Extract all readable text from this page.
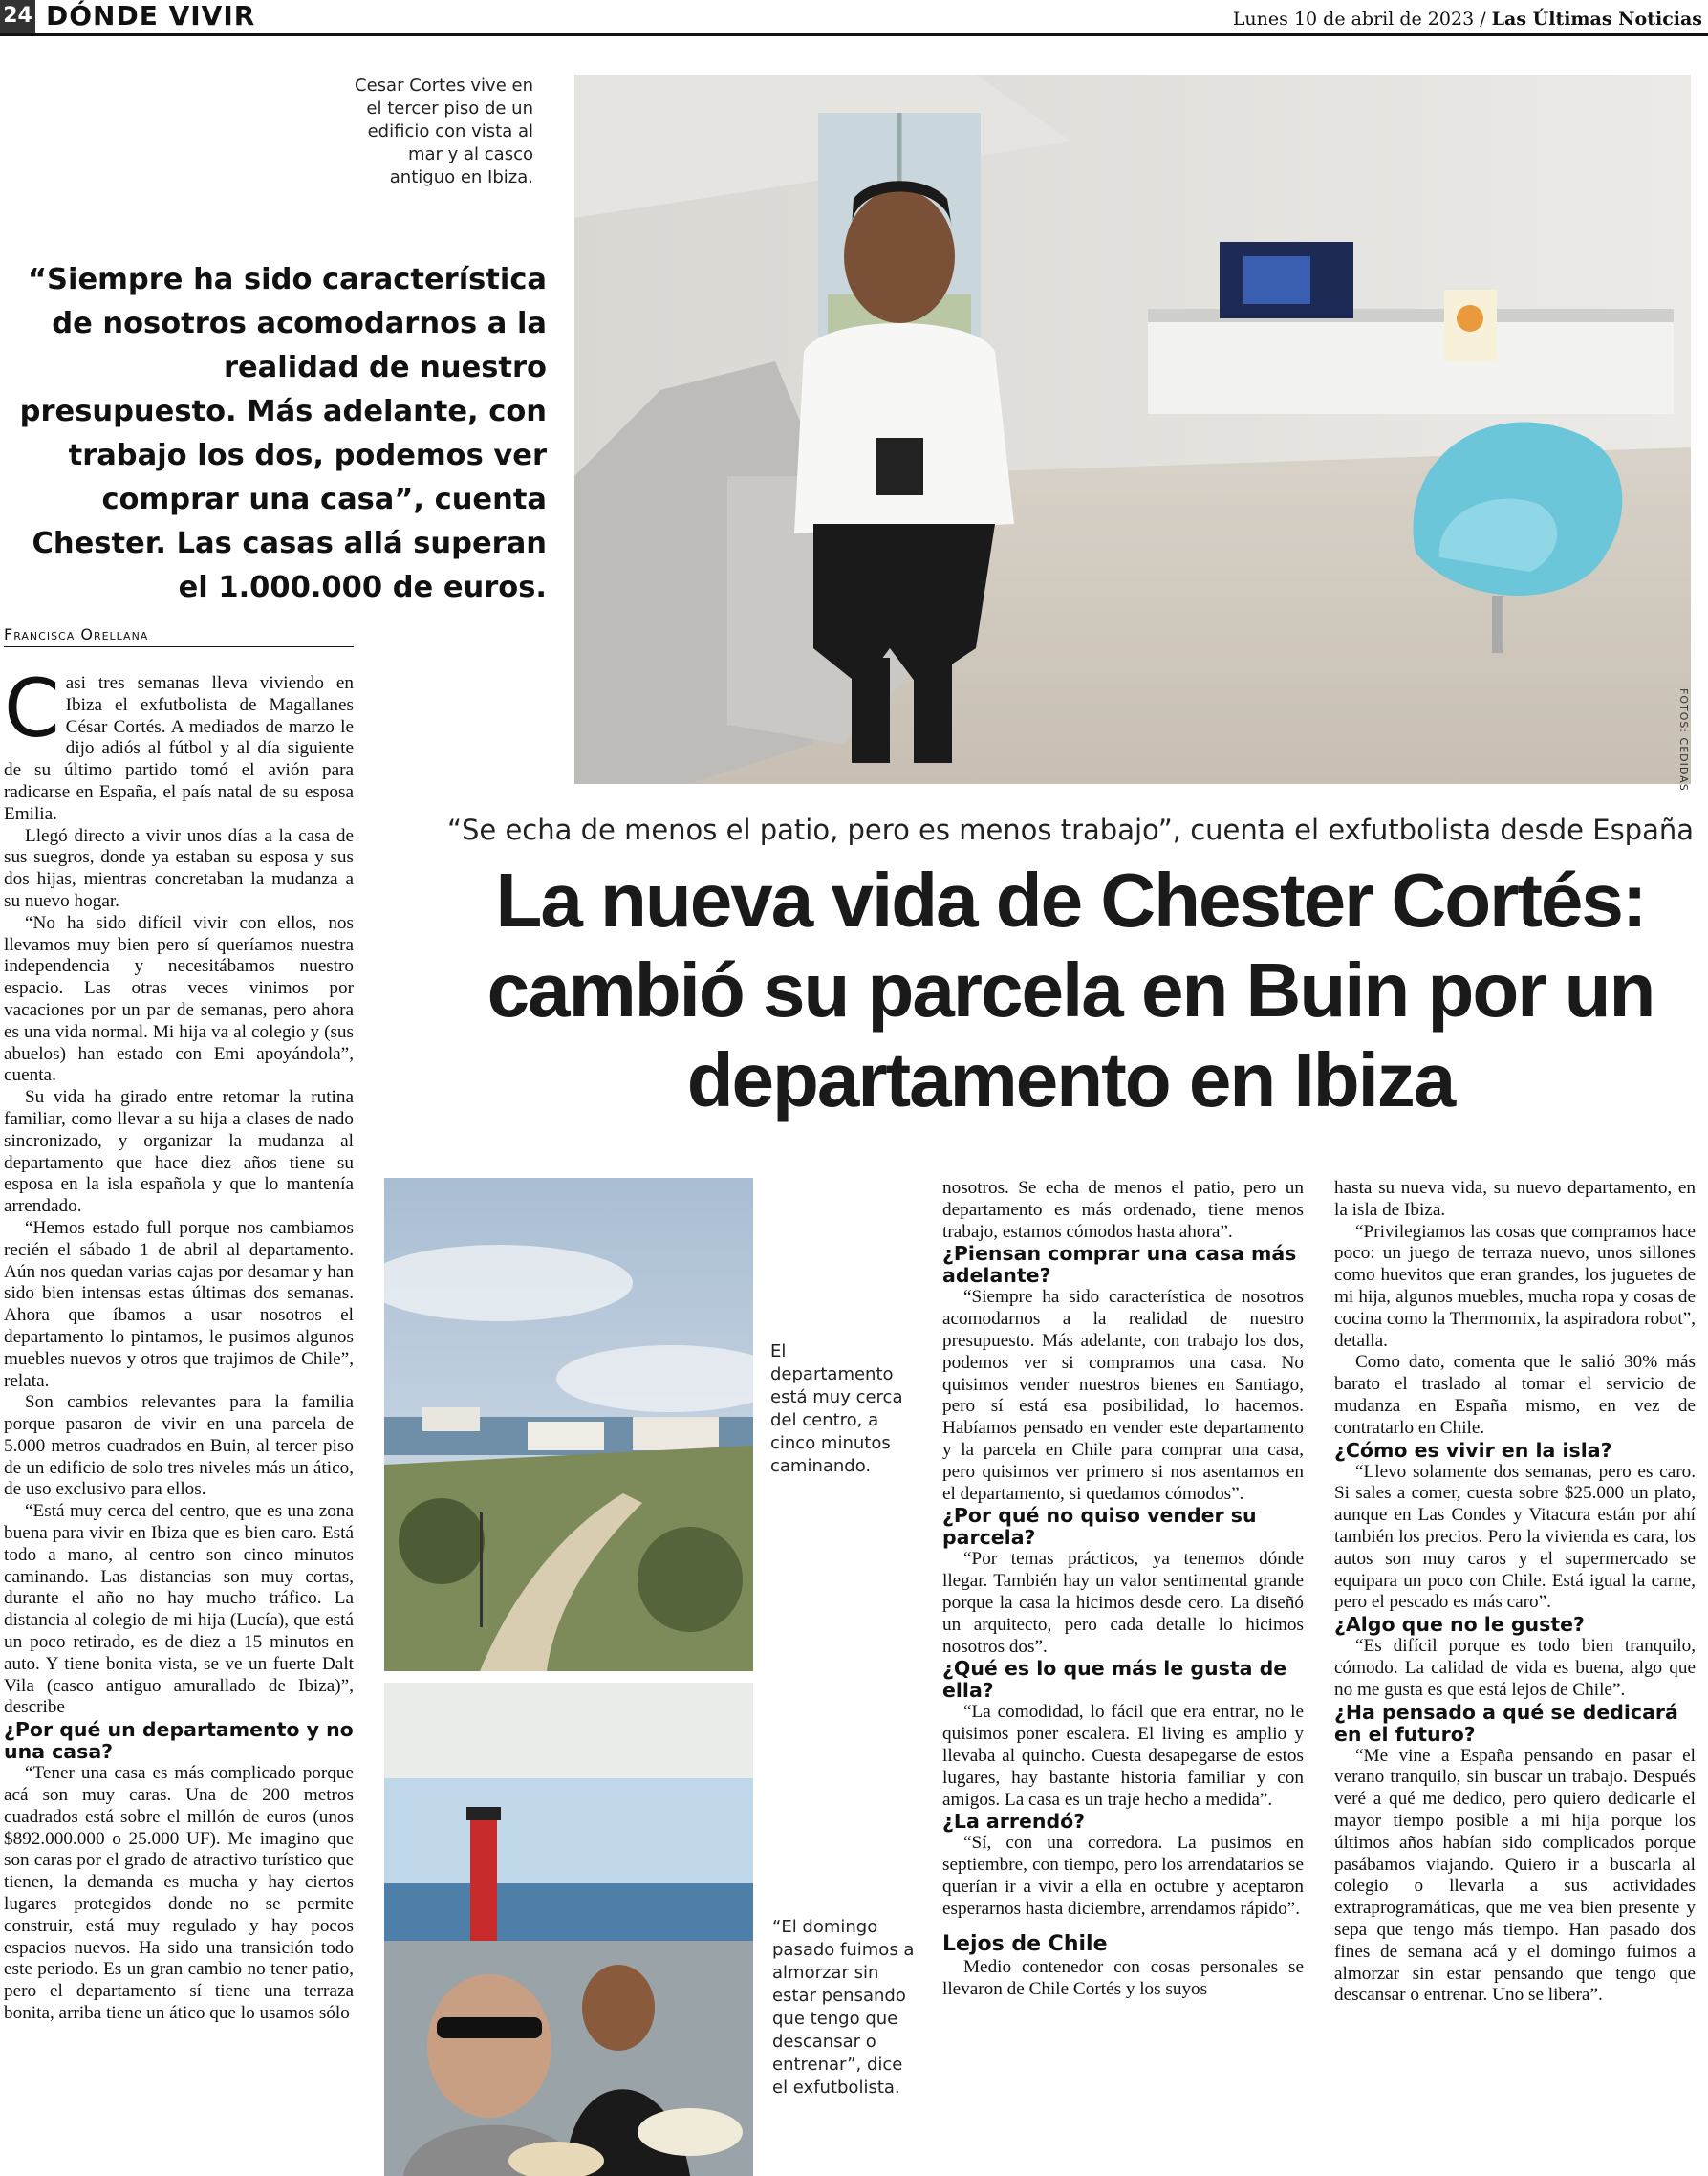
24 DÓNDE VIVIR	Lunes 10 de abril de 2023 / Las Últimas Noticias
Cesar Cortes vive en el tercer piso de un edificio con vista al mar y al casco antiguo en Ibiza.
“Siempre ha sido característica de nosotros acomodarnos a la realidad de nuestro presupuesto. Más adelante, con trabajo los dos, podemos ver comprar una casa”, cuenta Chester. Las casas allá superan el 1.000.000 de euros.
FOTOS: CEDIDAS
Francisca Orellana
“Se echa de menos el patio, pero es menos trabajo”, cuenta el exfutbolista desde España
La nueva vida de Chester Cortés: cambió su parcela en Buin por un departamento en Ibiza
C asi tres semanas lleva viviendo en Ibiza el exfutbolista de Magallanes César Cortés. A mediados de marzo le dijo adiós al fútbol y al día siguiente de su último partido tomó el avión para radicarse en España, el país natal de su esposa Emilia.

Llegó directo a vivir unos días a la casa de sus suegros, donde ya estaban su esposa y sus dos hijas, mientras concretaban la mudanza a su nuevo hogar.

“No ha sido difícil vivir con ellos, nos llevamos muy bien pero sí queríamos nuestra independencia y necesitábamos nuestro espacio. Las otras veces vinimos por vacaciones por un par de semanas, pero ahora es una vida normal. Mi hija va al colegio y (sus abuelos) han estado con Emi apoyándola”, cuenta.

Su vida ha girado entre retomar la rutina familiar, como llevar a su hija a clases de nado sincronizado, y organizar la mudanza al departamento que hace diez años tiene su esposa en la isla española y que lo mantenía arrendado.

“Hemos estado full porque nos cambiamos recién el sábado 1 de abril al departamento. Aún nos quedan varias cajas por desamar y han sido bien intensas estas últimas dos semanas. Ahora que íbamos a usar nosotros el departamento lo pintamos, le pusimos algunos muebles nuevos y otros que trajimos de Chile”, relata.

Son cambios relevantes para la familia porque pasaron de vivir en una parcela de 5.000 metros cuadrados en Buin, al tercer piso de un edificio de solo tres niveles más un ático, de uso exclusivo para ellos.

“Está muy cerca del centro, que es una zona buena para vivir en Ibiza que es bien caro. Está todo a mano, al centro son cinco minutos caminando. Las distancias son muy cortas, durante el año no hay mucho tráfico. La distancia al colegio de mi hija (Lucía), que está un poco retirado, es de diez a 15 minutos en auto. Y tiene bonita vista, se ve un fuerte Dalt Vila (casco antiguo amurallado de Ibiza)”, describe

¿Por qué un departamento y no una casa?

“Tener una casa es más complicado porque acá son muy caras. Una de 200 metros cuadrados está sobre el millón de euros (unos $892.000.000 o 25.000 UF). Me imagino que son caras por el grado de atractivo turístico que tienen, la demanda es mucha y hay ciertos lugares protegidos donde no se permite construir, está muy regulado y hay pocos espacios nuevos. Ha sido una transición todo este periodo. Es un gran cambio no tener patio, pero el departamento sí tiene una terraza bonita, arriba tiene un ático que lo usamos sólo

El departamento está muy cerca del centro, a cinco minutos caminando.
“El domingo pasado fuimos a almorzar sin estar pensando que tengo que descansar o entrenar”, dice el exfutbolista.

nosotros. Se echa de menos el patio, pero un departamento es más ordenado, tiene menos trabajo, estamos cómodos hasta ahora”.

¿Piensan comprar una casa más adelante?

“Siempre ha sido característica de nosotros acomodarnos a la realidad de nuestro presupuesto. Más adelante, con trabajo los dos, podemos ver si compramos una casa. No quisimos vender nuestros bienes en Santiago, pero sí está esa posibilidad, lo hacemos. Habíamos pensado en vender este departamento y la parcela en Chile para comprar una casa, pero quisimos ver primero si nos asentamos en el departamento, si quedamos cómodos”.

¿Por qué no quiso vender su parcela?

“Por temas prácticos, ya tenemos dónde llegar. También hay un valor sentimental grande porque la casa la hicimos desde cero. La diseñó un arquitecto, pero cada detalle lo hicimos nosotros dos”.

¿Qué es lo que más le gusta de ella?

“La comodidad, lo fácil que era entrar, no le quisimos poner escalera. El living es amplio y llevaba al quincho. Cuesta desapegarse de estos lugares, hay bastante historia familiar y con amigos. La casa es un traje hecho a medida”.

¿La arrendó?

“Sí, con una corredora. La pusimos en septiembre, con tiempo, pero los arrendatarios se querían ir a vivir a ella en octubre y aceptaron esperarnos hasta diciembre, arrendamos rápido”.

Lejos de Chile

Medio contenedor con cosas personales se llevaron de Chile Cortés y los suyos

hasta su nueva vida, su nuevo departamento, en la isla de Ibiza.

“Privilegiamos las cosas que compramos hace poco: un juego de terraza nuevo, unos sillones como huevitos que eran grandes, los juguetes de mi hija, algunos muebles, mucha ropa y cosas de cocina como la Thermomix, la aspiradora robot”, detalla.

Como dato, comenta que le salió 30% más barato el traslado al tomar el servicio de mudanza en España mismo, en vez de contratarlo en Chile.

¿Cómo es vivir en la isla?

“Llevo solamente dos semanas, pero es caro. Si sales a comer, cuesta sobre $25.000 un plato, aunque en Las Condes y Vitacura están por ahí también los precios. Pero la vivienda es cara, los autos son muy caros y el supermercado se equipara un poco con Chile. Está igual la carne, pero el pescado es más caro”.

¿Algo que no le guste?

“Es difícil porque es todo bien tranquilo, cómodo. La calidad de vida es buena, algo que no me gusta es que está lejos de Chile”.

¿Ha pensado a qué se dedicará en el futuro?

“Me vine a España pensando en pasar el verano tranquilo, sin buscar un trabajo. Después veré a qué me dedico, pero quiero dedicarle el mayor tiempo posible a mi hija porque los últimos años habían sido complicados porque pasábamos viajando. Quiero ir a buscarla al colegio o llevarla a sus actividades extraprogramáticas, que me vea bien presente y sepa que tengo más tiempo. Han pasado dos fines de semana acá y el domingo fuimos a almorzar sin estar pensando que tengo que descansar o entrenar. Uno se libera”.
